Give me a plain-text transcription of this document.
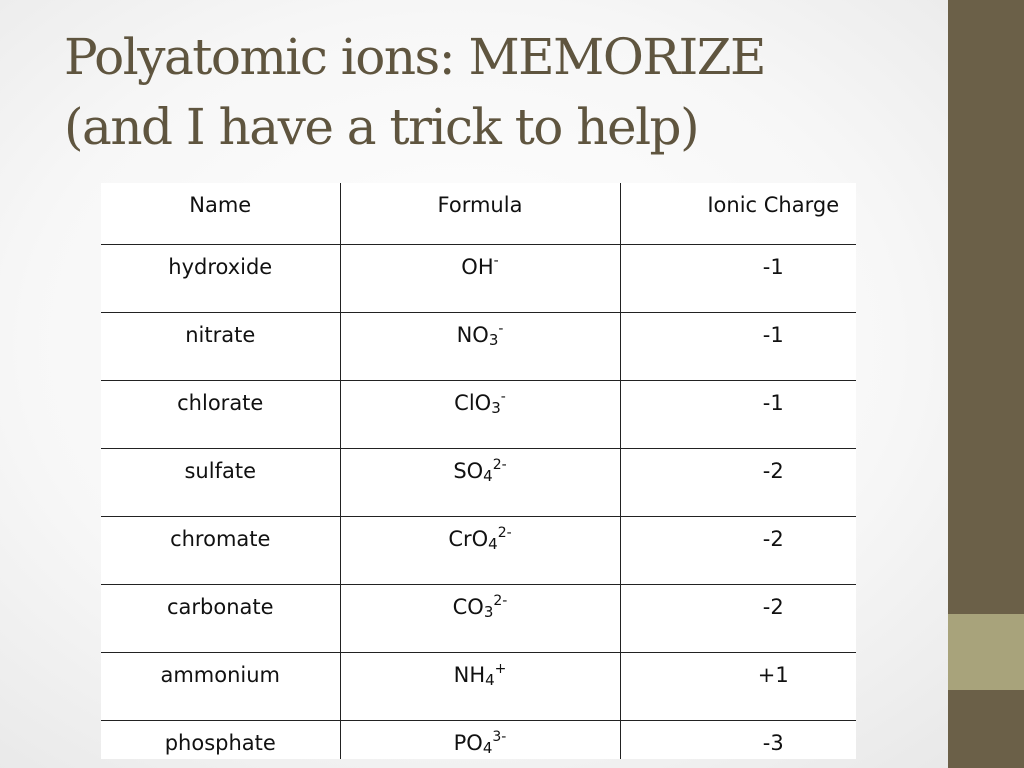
Polyatomic ions: MEMORIZE
(and I have a trick to help)
Name	Formula	Ionic Charge
hydroxide	OH-	-1
nitrate	$NO_3^-$	-1
chlorate	ClO$_3$-	-1
sulfate	$SO_4^{2-}$	-2
chromate	CrO$_4^{2-}$	-2
carbonate	$CO_3^{2-}$	-2
ammonium	$NH_4^+$	+1
phosphate	$PO_4^{3-}$	-3
